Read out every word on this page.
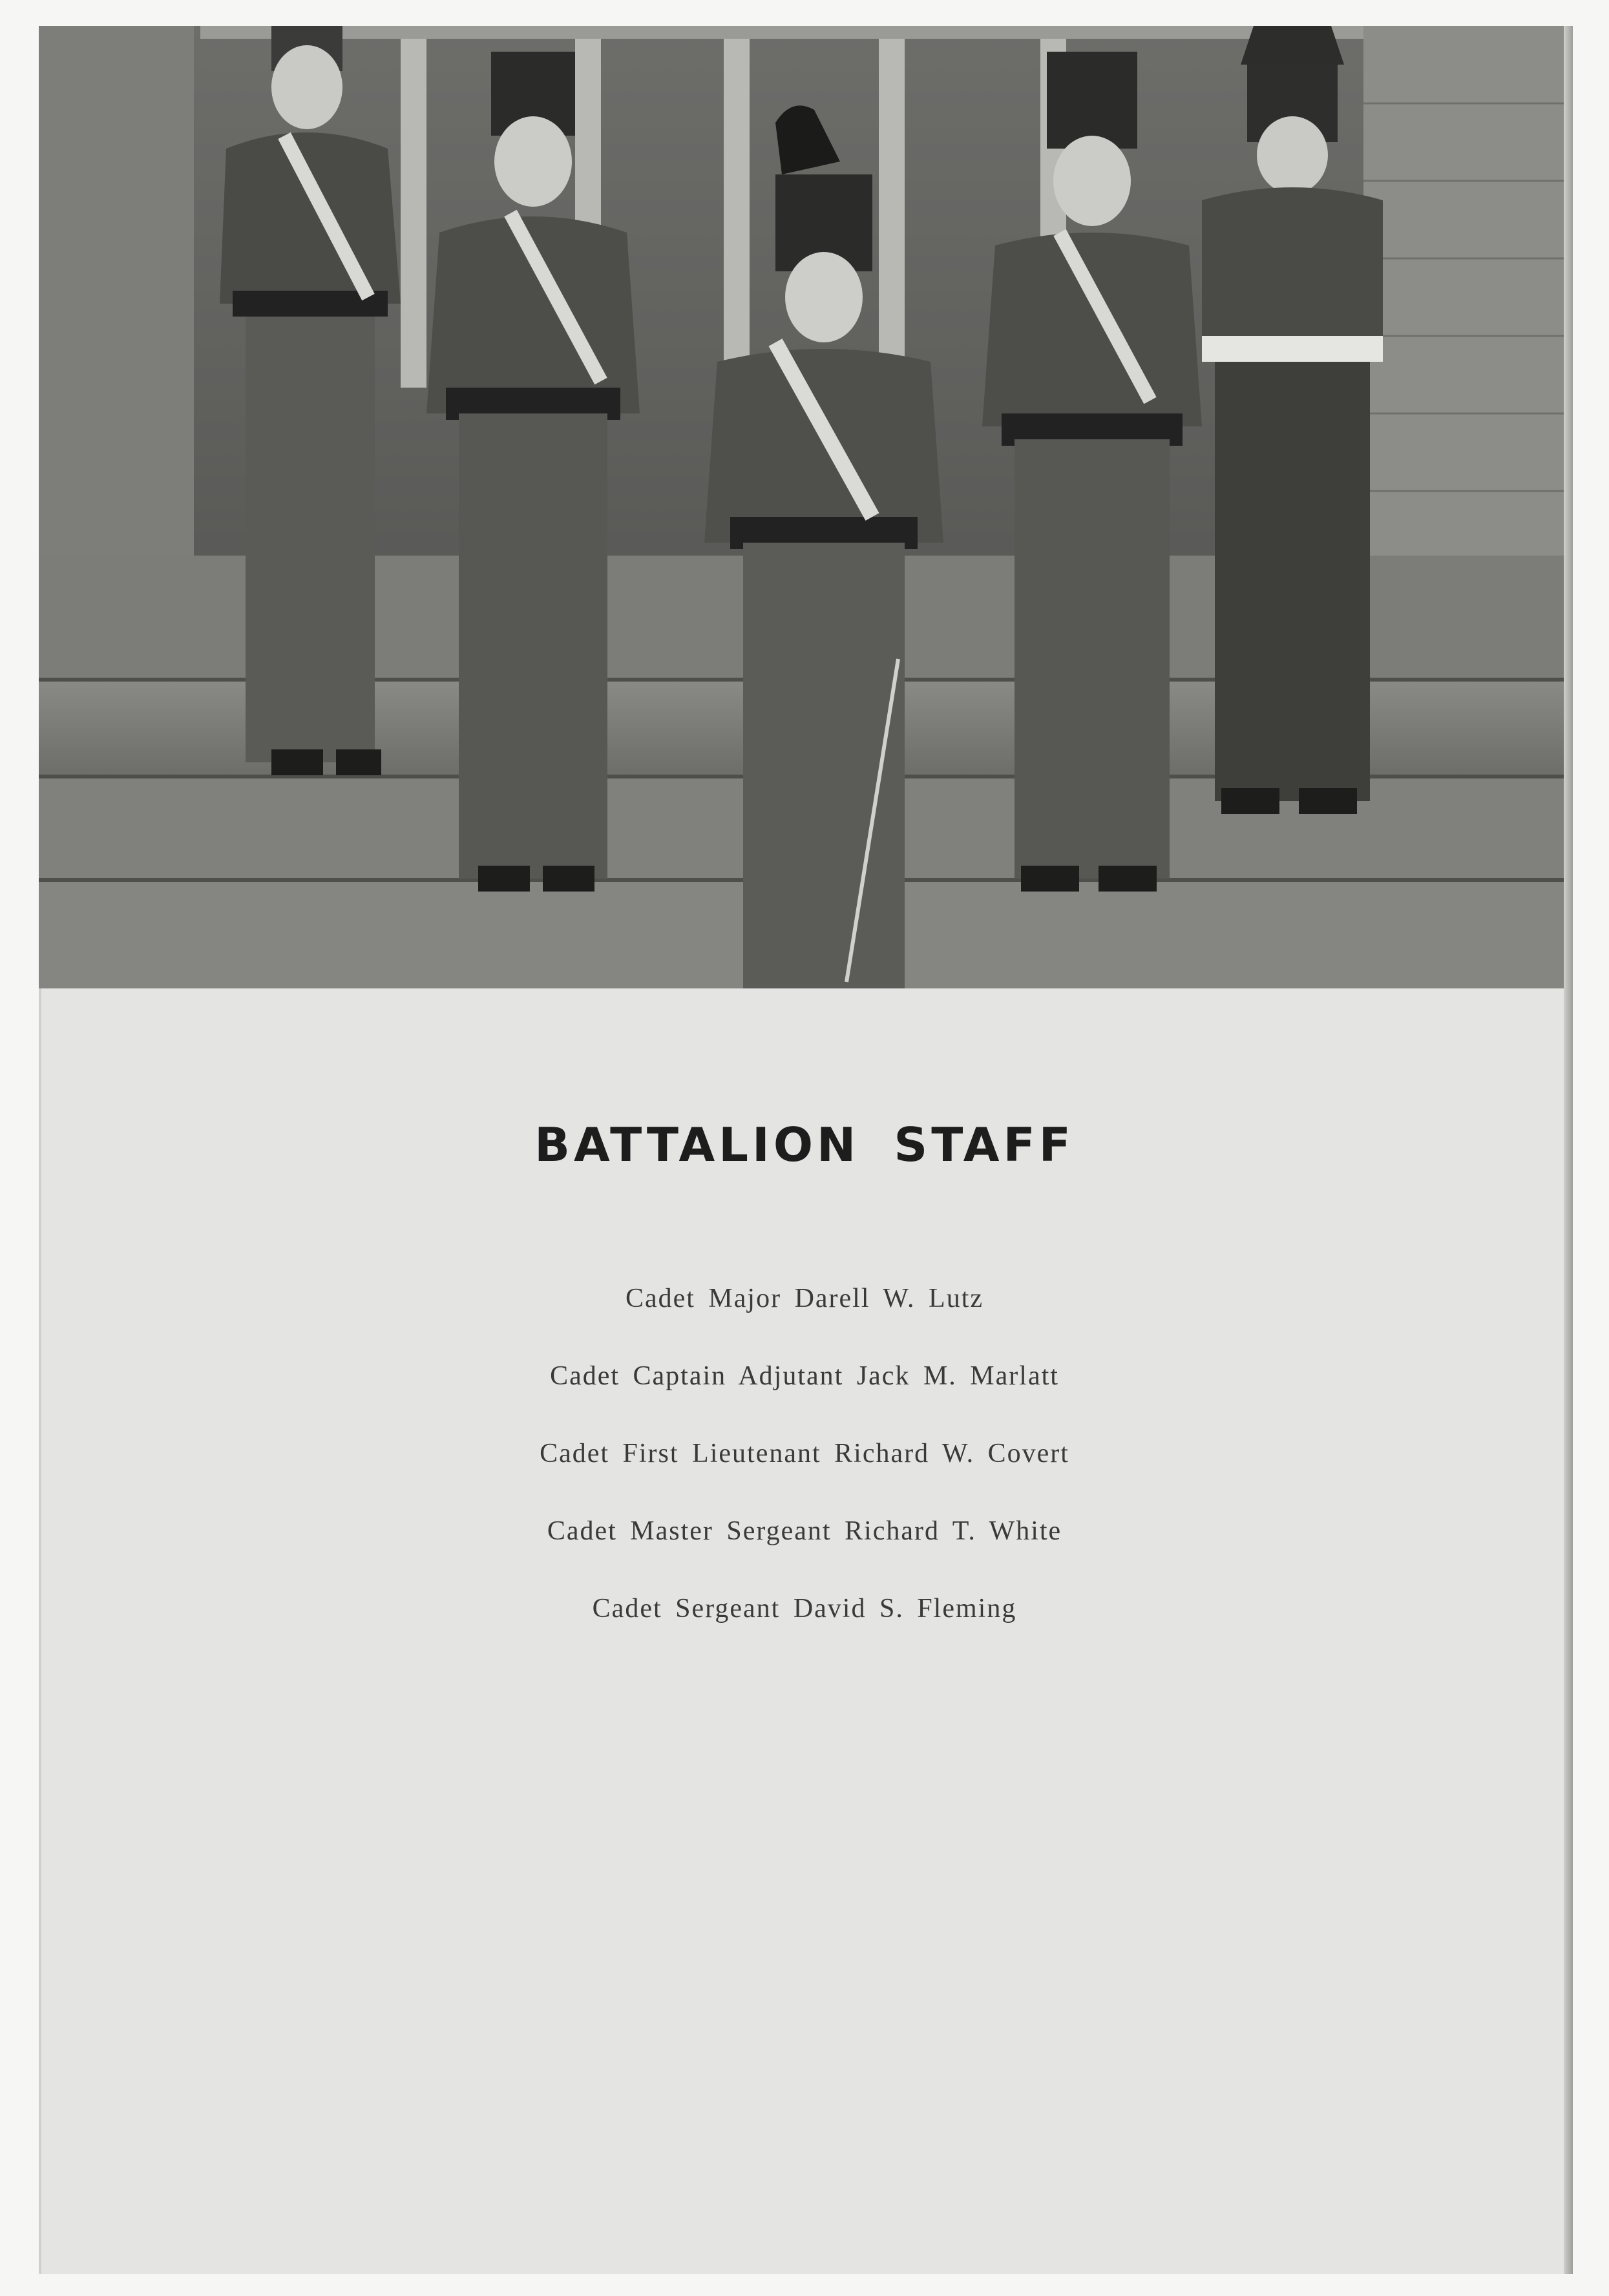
BATTALION STAFF
Cadet Major Darell W. Lutz
Cadet Captain Adjutant Jack M. Marlatt
Cadet First Lieutenant Richard W. Covert
Cadet Master Sergeant Richard T. White
Cadet Sergeant David S. Fleming
